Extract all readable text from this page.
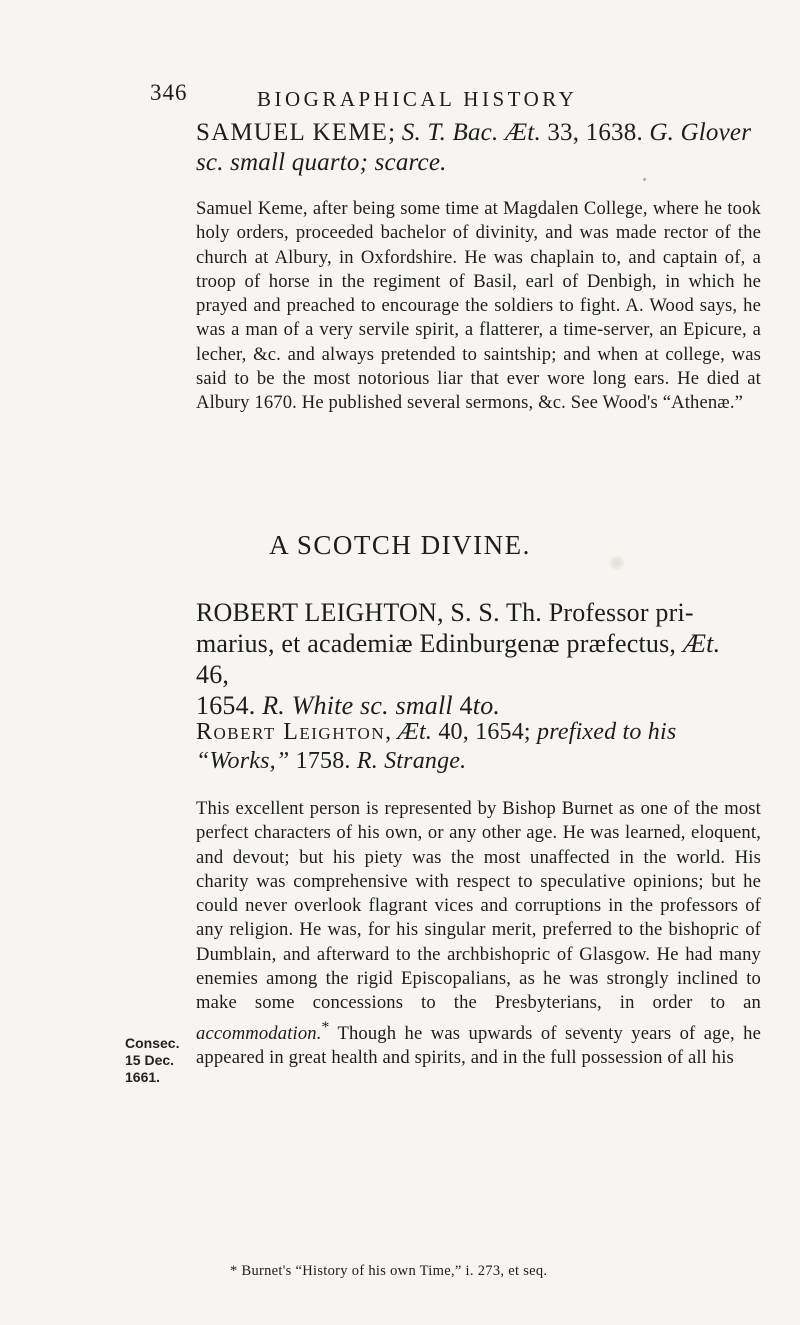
346	BIOGRAPHICAL HISTORY
SAMUEL KEME; S. T. Bac. Æt. 33, 1638. G. Glover sc. small quarto; scarce.

Samuel Keme, after being some time at Magdalen College, where he took holy orders, proceeded bachelor of divinity, and was made rector of the church at Albury, in Oxfordshire. He was chaplain to, and captain of, a troop of horse in the regiment of Basil, earl of Denbigh, in which he prayed and preached to encourage the soldiers to fight. A. Wood says, he was a man of a very servile spirit, a flatterer, a time-server, an Epicure, a lecher, &c. and always pretended to saintship; and when at college, was said to be the most notorious liar that ever wore long ears. He died at Albury 1670. He published several sermons, &c. See Wood's “Athenæ.”

A SCOTCH DIVINE.
ROBERT LEIGHTON, S. S. Th. Professor pri-
marius, et academiæ Edinburgenæ præfectus, Æt. 46,
1654. R. White sc. small 4to.
Robert Leighton, Æt. 40, 1654; prefixed to his
“Works,” 1758. R. Strange.

This excellent person is represented by Bishop Burnet as one of the most perfect characters of his own, or any other age. He was learned, eloquent, and devout; but his piety was the most unaffected in the world. His charity was comprehensive with respect to speculative opinions; but he could never overlook flagrant vices and corruptions in the professors of any religion. He was, for his singular merit, preferred to the bishopric of Dumblain, and afterward to the archbishopric of Glasgow. He had many enemies among the rigid Episcopalians, as he was strongly inclined to make some concessions to the Presbyterians, in order to an accommodation.* Though he was upwards of seventy years of age, he appeared in great health and spirits, and in the full possession of all his

Consec.
15 Dec.
1661.
* Burnet's “History of his own Time,” i. 273, et seq.
